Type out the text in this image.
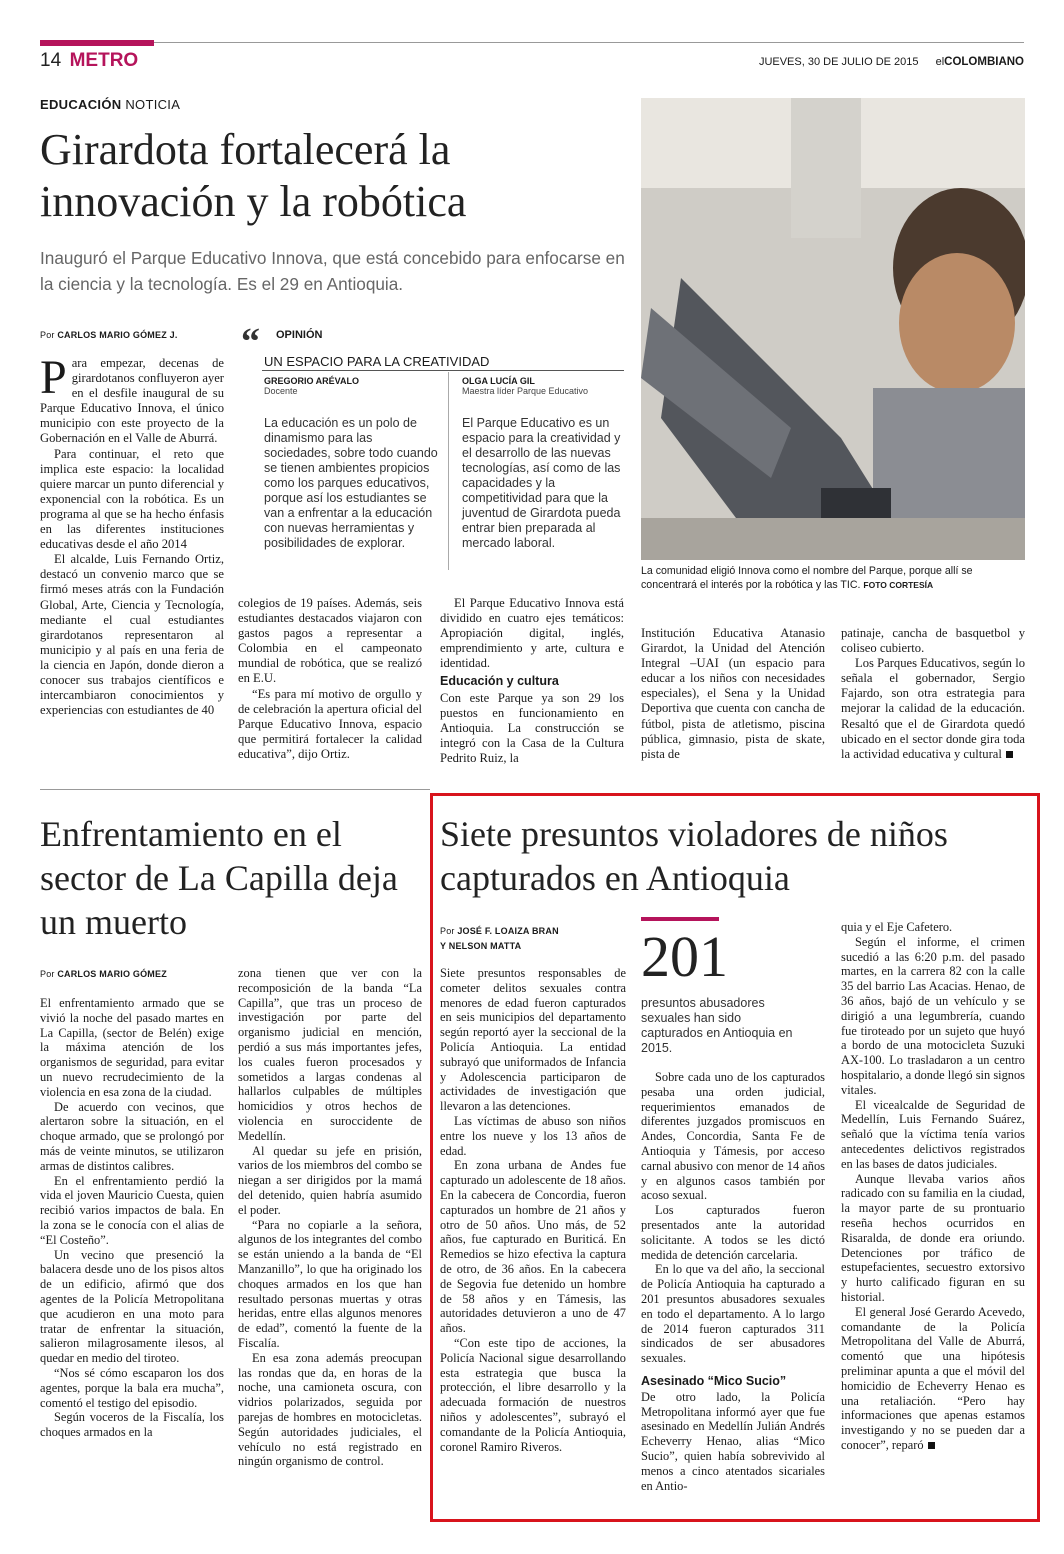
14 METRO	JUEVES, 30 DE JULIO DE 2015 elCOLOMBIANO
EDUCACIÓN NOTICIA
Girardota fortalecerá la innovación y la robótica
Inauguró el Parque Educativo Innova, que está concebido para enfocarse en la ciencia y la tecnología. Es el 29 en Antioquia.
La comunidad eligió Innova como el nombre del Parque, porque allí se concentrará el interés por la robótica y las TIC. FOTO CORTESÍA
Por CARLOS MARIO GÓMEZ J.
P ara empezar, decenas de girardotanos confluyeron ayer en el desfile inaugural de su Parque Educativo Innova, el único municipio con este proyecto de la Gobernación en el Valle de Aburrá.

Para continuar, el reto que implica este espacio: la localidad quiere marcar un punto diferencial y exponencial con la robótica. Es un programa al que se ha hecho énfasis en las diferentes instituciones educativas desde el año 2014

El alcalde, Luis Fernando Ortiz, destacó un convenio marco que se firmó meses atrás con la Fundación Global, Arte, Ciencia y Tecnología, mediante el cual estudiantes girardotanos representaron al municipio y al país en una feria de la ciencia en Japón, donde dieron a conocer sus trabajos científicos e intercambiaron conocimientos y experiencias con estudiantes de 40

“ OPINIÓN
UN ESPACIO PARA LA CREATIVIDAD
GREGORIO ARÉVALO
Docente
La educación es un polo de dinamismo para las sociedades, sobre todo cuando se tienen ambientes propicios como los parques educativos, porque así los estudiantes se van a enfrentar a la educación con nuevas herramientas y posibilidades de explorar.
OLGA LUCÍA GIL
Maestra líder Parque Educativo
El Parque Educativo es un espacio para la creatividad y el desarrollo de las nuevas tecnologías, así como de las capacidades y la competitividad para que la juventud de Girardota pueda entrar bien preparada al mercado laboral.

colegios de 19 países. Además, seis estudiantes destacados viajaron con gastos pagos a representar a Colombia en el campeonato mundial de robótica, que se realizó en E.U.

“Es para mí motivo de orgullo y de celebración la apertura oficial del Parque Educativo Innova, espacio que permitirá fortalecer la calidad educativa”, dijo Ortiz.

El Parque Educativo Innova está dividido en cuatro ejes temáticos: Apropiación digital, inglés, emprendimiento y arte, cultura e identidad.

Educación y cultura

Con este Parque ya son 29 los puestos en funcionamiento en Antioquia. La construcción se integró con la Casa de la Cultura Pedrito Ruiz, la

Institución Educativa Atanasio Girardot, la Unidad del Atención Integral –UAI (un espacio para educar a los niños con necesidades especiales), el Sena y la Unidad Deportiva que cuenta con cancha de fútbol, pista de atletismo, piscina pública, gimnasio, pista de skate, pista de

patinaje, cancha de basquetbol y coliseo cubierto.

Los Parques Educativos, según lo señala el gobernador, Sergio Fajardo, son otra estrategia para mejorar la calidad de la educación. Resaltó que el de Girardota quedó ubicado en el sector donde gira toda la actividad educativa y cultural

Enfrentamiento en el sector de La Capilla deja un muerto
Por CARLOS MARIO GÓMEZ

El enfrentamiento armado que se vivió la noche del pasado martes en La Capilla, (sector de Belén) exige la máxima atención de los organismos de seguridad, para evitar un nuevo recrudecimiento de la violencia en esa zona de la ciudad.

De acuerdo con vecinos, que alertaron sobre la situación, en el choque armado, que se prolongó por más de veinte minutos, se utilizaron armas de distintos calibres.

En el enfrentamiento perdió la vida el joven Mauricio Cuesta, quien recibió varios impactos de bala. En la zona se le conocía con el alias de “El Costeño”.

Un vecino que presenció la balacera desde uno de los pisos altos de un edificio, afirmó que dos agentes de la Policía Metropolitana que acudieron en una moto para tratar de enfrentar la situación, salieron milagrosamente ilesos, al quedar en medio del tiroteo.

“Nos sé cómo escaparon los dos agentes, porque la bala era mucha”, comentó el testigo del episodio.

Según voceros de la Fiscalía, los choques armados en la

zona tienen que ver con la recomposición de la banda “La Capilla”, que tras un proceso de investigación por parte del organismo judicial en mención, perdió a sus más importantes jefes, los cuales fueron procesados y sometidos a largas condenas al hallarlos culpables de múltiples homicidios y otros hechos de violencia en suroccidente de Medellín.

Al quedar su jefe en prisión, varios de los miembros del combo se niegan a ser dirigidos por la mamá del detenido, quien habría asumido el poder.

“Para no copiarle a la señora, algunos de los integrantes del combo se están uniendo a la banda de “El Manzanillo”, lo que ha originado los choques armados en los que han resultado personas muertas y otras heridas, entre ellas algunos menores de edad”, comentó la fuente de la Fiscalía.

En esa zona además preocupan las rondas que da, en horas de la noche, una camioneta oscura, con vidrios polarizados, seguida por parejas de hombres en motocicletas. Según autoridades judiciales, el vehículo no está registrado en ningún organismo de control.

Siete presuntos violadores de niños capturados en Antioquia
Por JOSÉ F. LOAIZA BRAN
Y NELSON MATTA	201
presuntos abusadores sexuales han sido capturados en Antioquia en 2015.

Siete presuntos responsables de cometer delitos sexuales contra menores de edad fueron capturados en seis municipios del departamento según reportó ayer la seccional de la Policía Antioquia. La entidad subrayó que uniformados de Infancia y Adolescencia participaron de actividades de investigación que llevaron a las detenciones.

Las víctimas de abuso son niños entre los nueve y los 13 años de edad.

En zona urbana de Andes fue capturado un adolescente de 18 años. En la cabecera de Concordia, fueron capturados un hombre de 21 años y otro de 50 años. Uno más, de 52 años, fue capturado en Buriticá. En Remedios se hizo efectiva la captura de otro, de 36 años. En la cabecera de Segovia fue detenido un hombre de 58 años y en Támesis, las autoridades detuvieron a uno de 47 años.

“Con este tipo de acciones, la Policía Nacional sigue desarrollando esta estrategia que busca la protección, el libre desarrollo y la adecuada formación de nuestros niños y adolescentes”, subrayó el comandante de la Policía Antioquia, coronel Ramiro Riveros.

Sobre cada uno de los capturados pesaba una orden judicial, requerimientos emanados de diferentes juzgados promiscuos en Andes, Concordia, Santa Fe de Antioquia y Támesis, por acceso carnal abusivo con menor de 14 años y en algunos casos también por acoso sexual.

Los capturados fueron presentados ante la autoridad solicitante. A todos se les dictó medida de detención carcelaria.

En lo que va del año, la seccional de Policía Antioquia ha capturado a 201 presuntos abusadores sexuales en todo el departamento. A lo largo de 2014 fueron capturados 311 sindicados de ser abusadores sexuales.

Asesinado “Mico Sucio”

De otro lado, la Policía Metropolitana informó ayer que fue asesinado en Medellín Julián Andrés Echeverry Henao, alias “Mico Sucio”, quien había sobrevivido al menos a cinco atentados sicariales en Antio-

quia y el Eje Cafetero.

Según el informe, el crimen sucedió a las 6:20 p.m. del pasado martes, en la carrera 82 con la calle 35 del barrio Las Acacias. Henao, de 36 años, bajó de un vehículo y se dirigió a una legumbrería, cuando fue tiroteado por un sujeto que huyó a bordo de una motocicleta Suzuki AX-100. Lo trasladaron a un centro hospitalario, a donde llegó sin signos vitales.

El vicealcalde de Seguridad de Medellín, Luis Fernando Suárez, señaló que la víctima tenía varios antecedentes delictivos registrados en las bases de datos judiciales.

Aunque llevaba varios años radicado con su familia en la ciudad, la mayor parte de su prontuario reseña hechos ocurridos en Risaralda, de donde era oriundo. Detenciones por tráfico de estupefacientes, secuestro extorsivo y hurto calificado figuran en su historial.

El general José Gerardo Acevedo, comandante de la Policía Metropolitana del Valle de Aburrá, comentó que una hipótesis preliminar apunta a que el móvil del homicidio de Echeverry Henao es una retaliación. “Pero hay informaciones que apenas estamos investigando y no se pueden dar a conocer”, reparó
